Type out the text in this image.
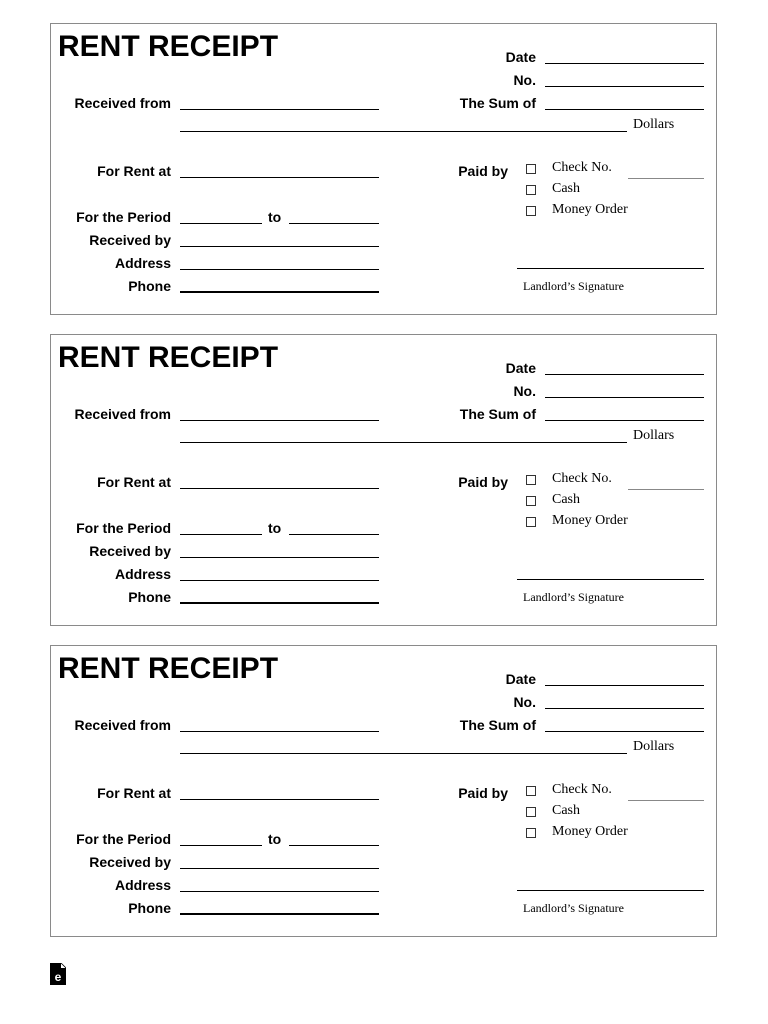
RENT RECEIPT	Date
No.
Received from	The Sum of
Dollars
For Rent at	Paid by	Check No.
Cash
Money Order
For the Period	to
Received by
Address
Phone	Landlord’s Signature
RENT RECEIPT	Date
No.
Received from	The Sum of
Dollars
For Rent at	Paid by	Check No.
Cash
Money Order
For the Period	to
Received by
Address
Phone	Landlord’s Signature
RENT RECEIPT	Date
No.
Received from	The Sum of
Dollars
For Rent at	Paid by	Check No.
Cash
Money Order
For the Period	to
Received by
Address
Phone	Landlord’s Signature
e
